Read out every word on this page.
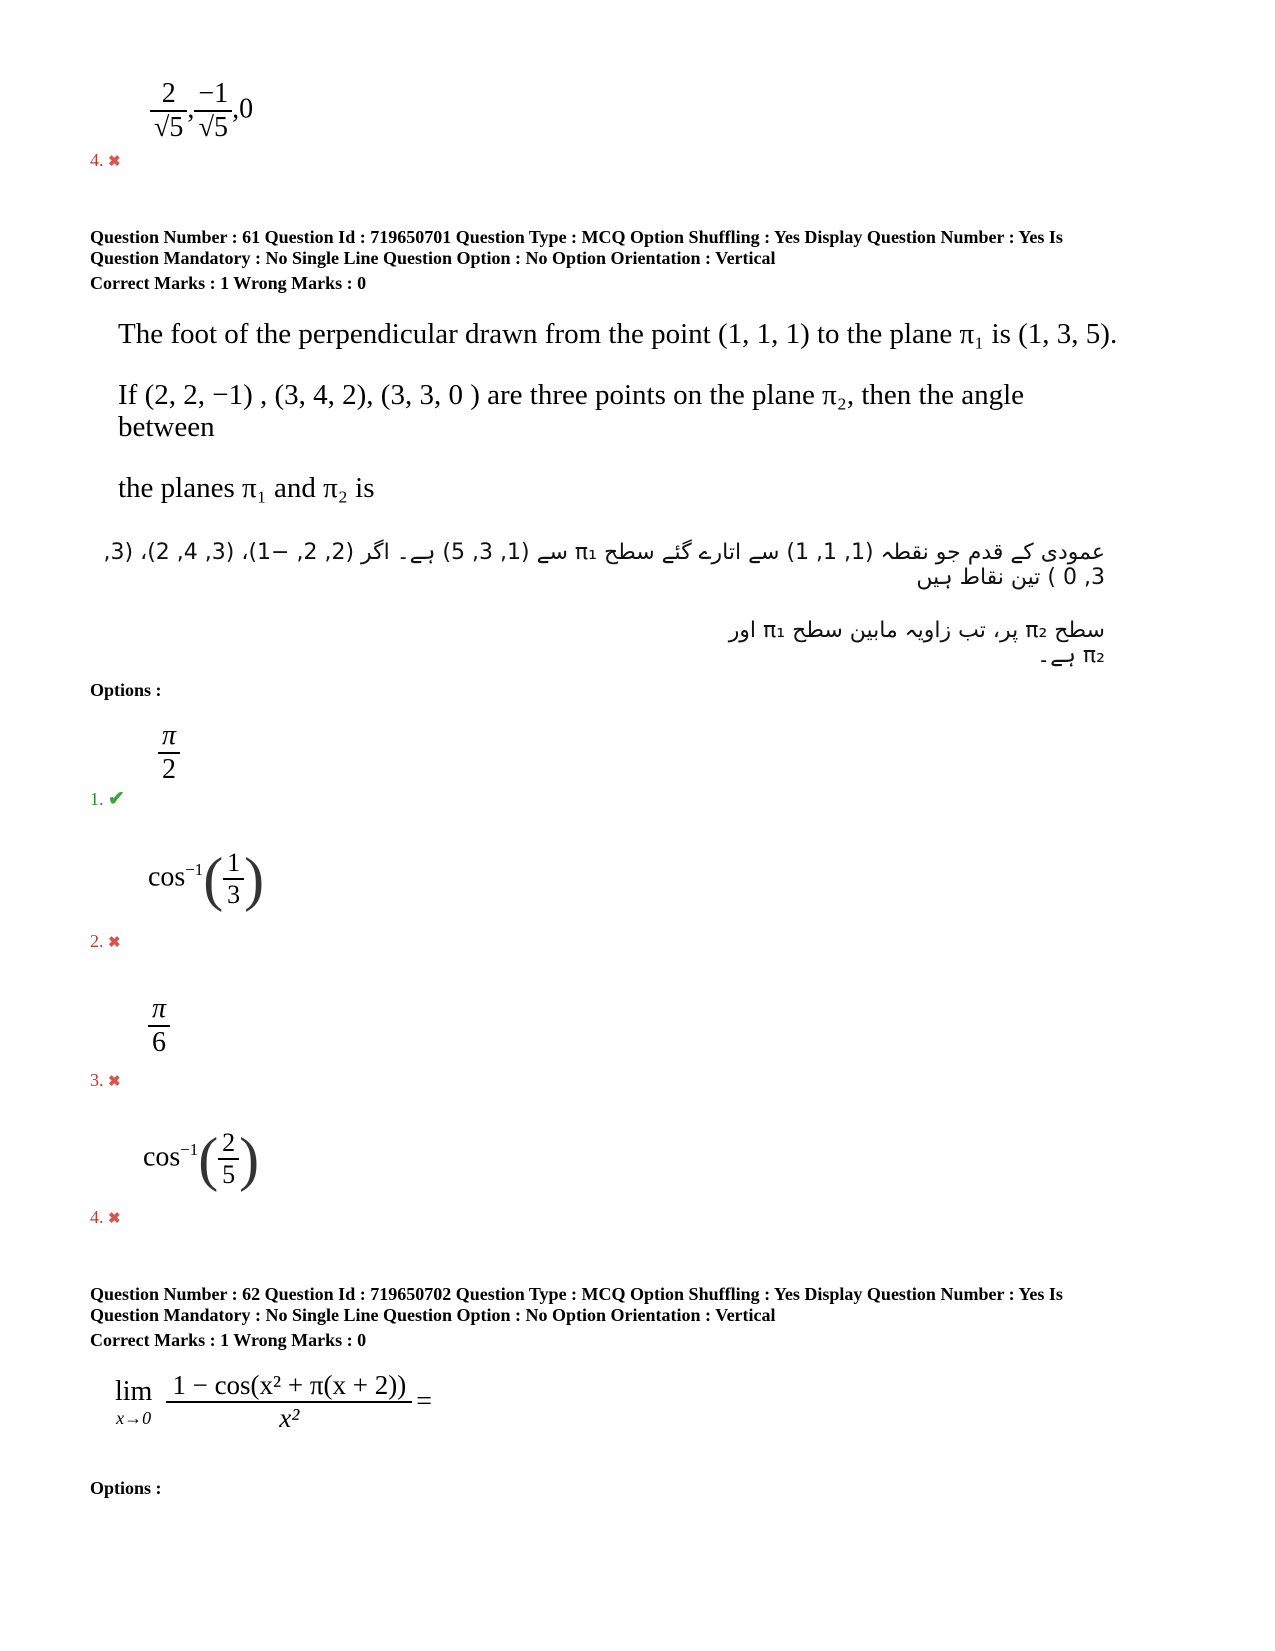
$\frac{2}{√5}$ , $\frac{-1}{√5} ,0$
4. ✖
Question Number : 61 Question Id : 719650701 Question Type : MCQ Option Shuffling : Yes Display Question Number : Yes Is
Question Mandatory : No Single Line Question Option : No Option Orientation : Vertical
Correct Marks : 1 Wrong Marks : 0
The foot of the perpendicular drawn from the point (1, 1, 1) to the plane π₁ is (1, 3, 5).
If (2, 2, −1) , (3, 4, 2), (3, 3, 0 ) are three points on the plane π₂, then the angle between
the planes π₁ and π₂ is
عمودی کے قدم جو نقطہ (1, 1, 1) سے اتارے گئے سطح π₁ سے (1, 3, 5) ہے۔ اگر (2, 2, −1)، (3, 4, 2)، (3, 3, 0 ) تین نقاط ہیں
سطح π₂ پر، تب زاویہ مابین سطح π₁ اور π₂ ہے۔
Options :
$\frac{\pi}{2}$
1. ✔
$\cos^{-1}( \frac{1}{3}$ )
2. ✖
$\frac{\pi}{6}$
3. ✖
$\cos^{-1}( \frac{2}{5}$ )
4. ✖
Question Number : 62 Question Id : 719650702 Question Type : MCQ Option Shuffling : Yes Display Question Number : Yes Is
Question Mandatory : No Single Line Question Option : No Option Orientation : Vertical
Correct Marks : 1 Wrong Marks : 0
lim
$x\to 0 \frac{\text{1 − cos(x² + π(x + 2))}}{\text{x²}}$ =
Options :
